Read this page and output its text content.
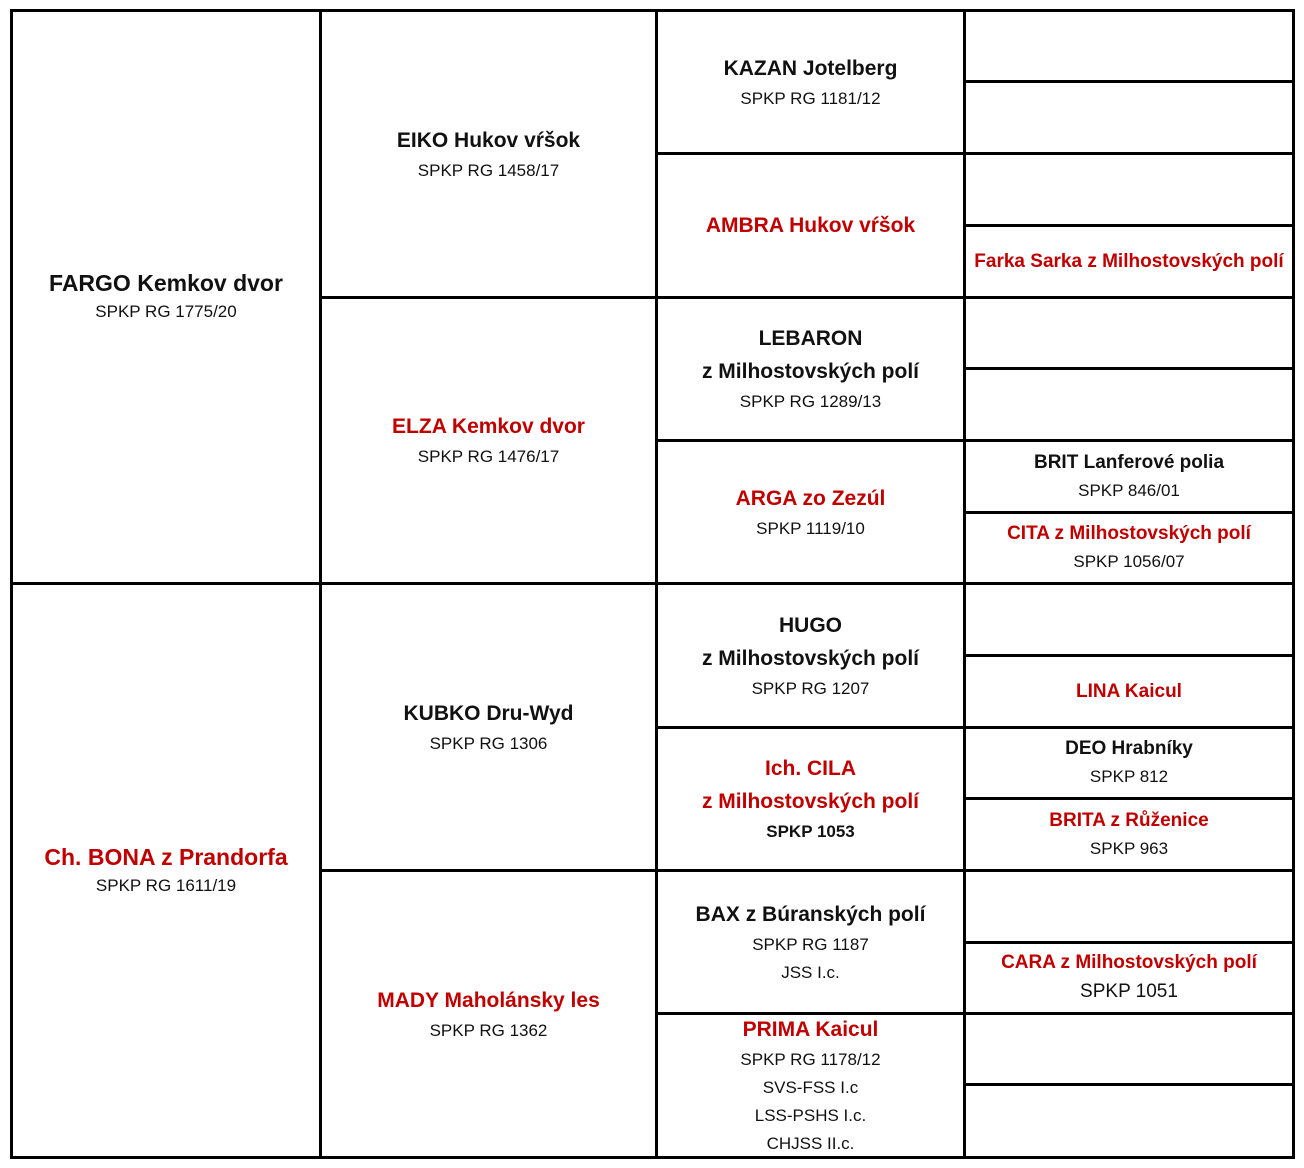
FARGO Kemkov dvor
SPKP RG 1775/20
Ch. BONA z Prandorfa
SPKP RG 1611/19
EIKO Hukov vŕšok
SPKP RG 1458/17
ELZA Kemkov dvor
SPKP RG 1476/17
KUBKO Dru-Wyd
SPKP RG 1306
MADY Maholánsky les
SPKP RG 1362
KAZAN Jotelberg
SPKP RG 1181/12
AMBRA Hukov vŕšok
LEBARON
z Milhostovských polí
SPKP RG 1289/13
ARGA zo Zezúl
SPKP 1119/10
HUGO
z Milhostovských polí
SPKP RG 1207
Ich. CILA
z Milhostovských polí
SPKP 1053
BAX z Búranských polí
SPKP RG 1187
JSS I.c.
PRIMA Kaicul
SPKP RG 1178/12
SVS-FSS I.c
LSS-PSHS I.c.
CHJSS II.c.
Farka Sarka z Milhostovských polí
BRIT Lanferové polia
SPKP 846/01
CITA z Milhostovských polí
SPKP 1056/07
LINA Kaicul
DEO Hrabníky
SPKP 812
BRITA z Růženice
SPKP 963
CARA z Milhostovských polí
SPKP 1051
